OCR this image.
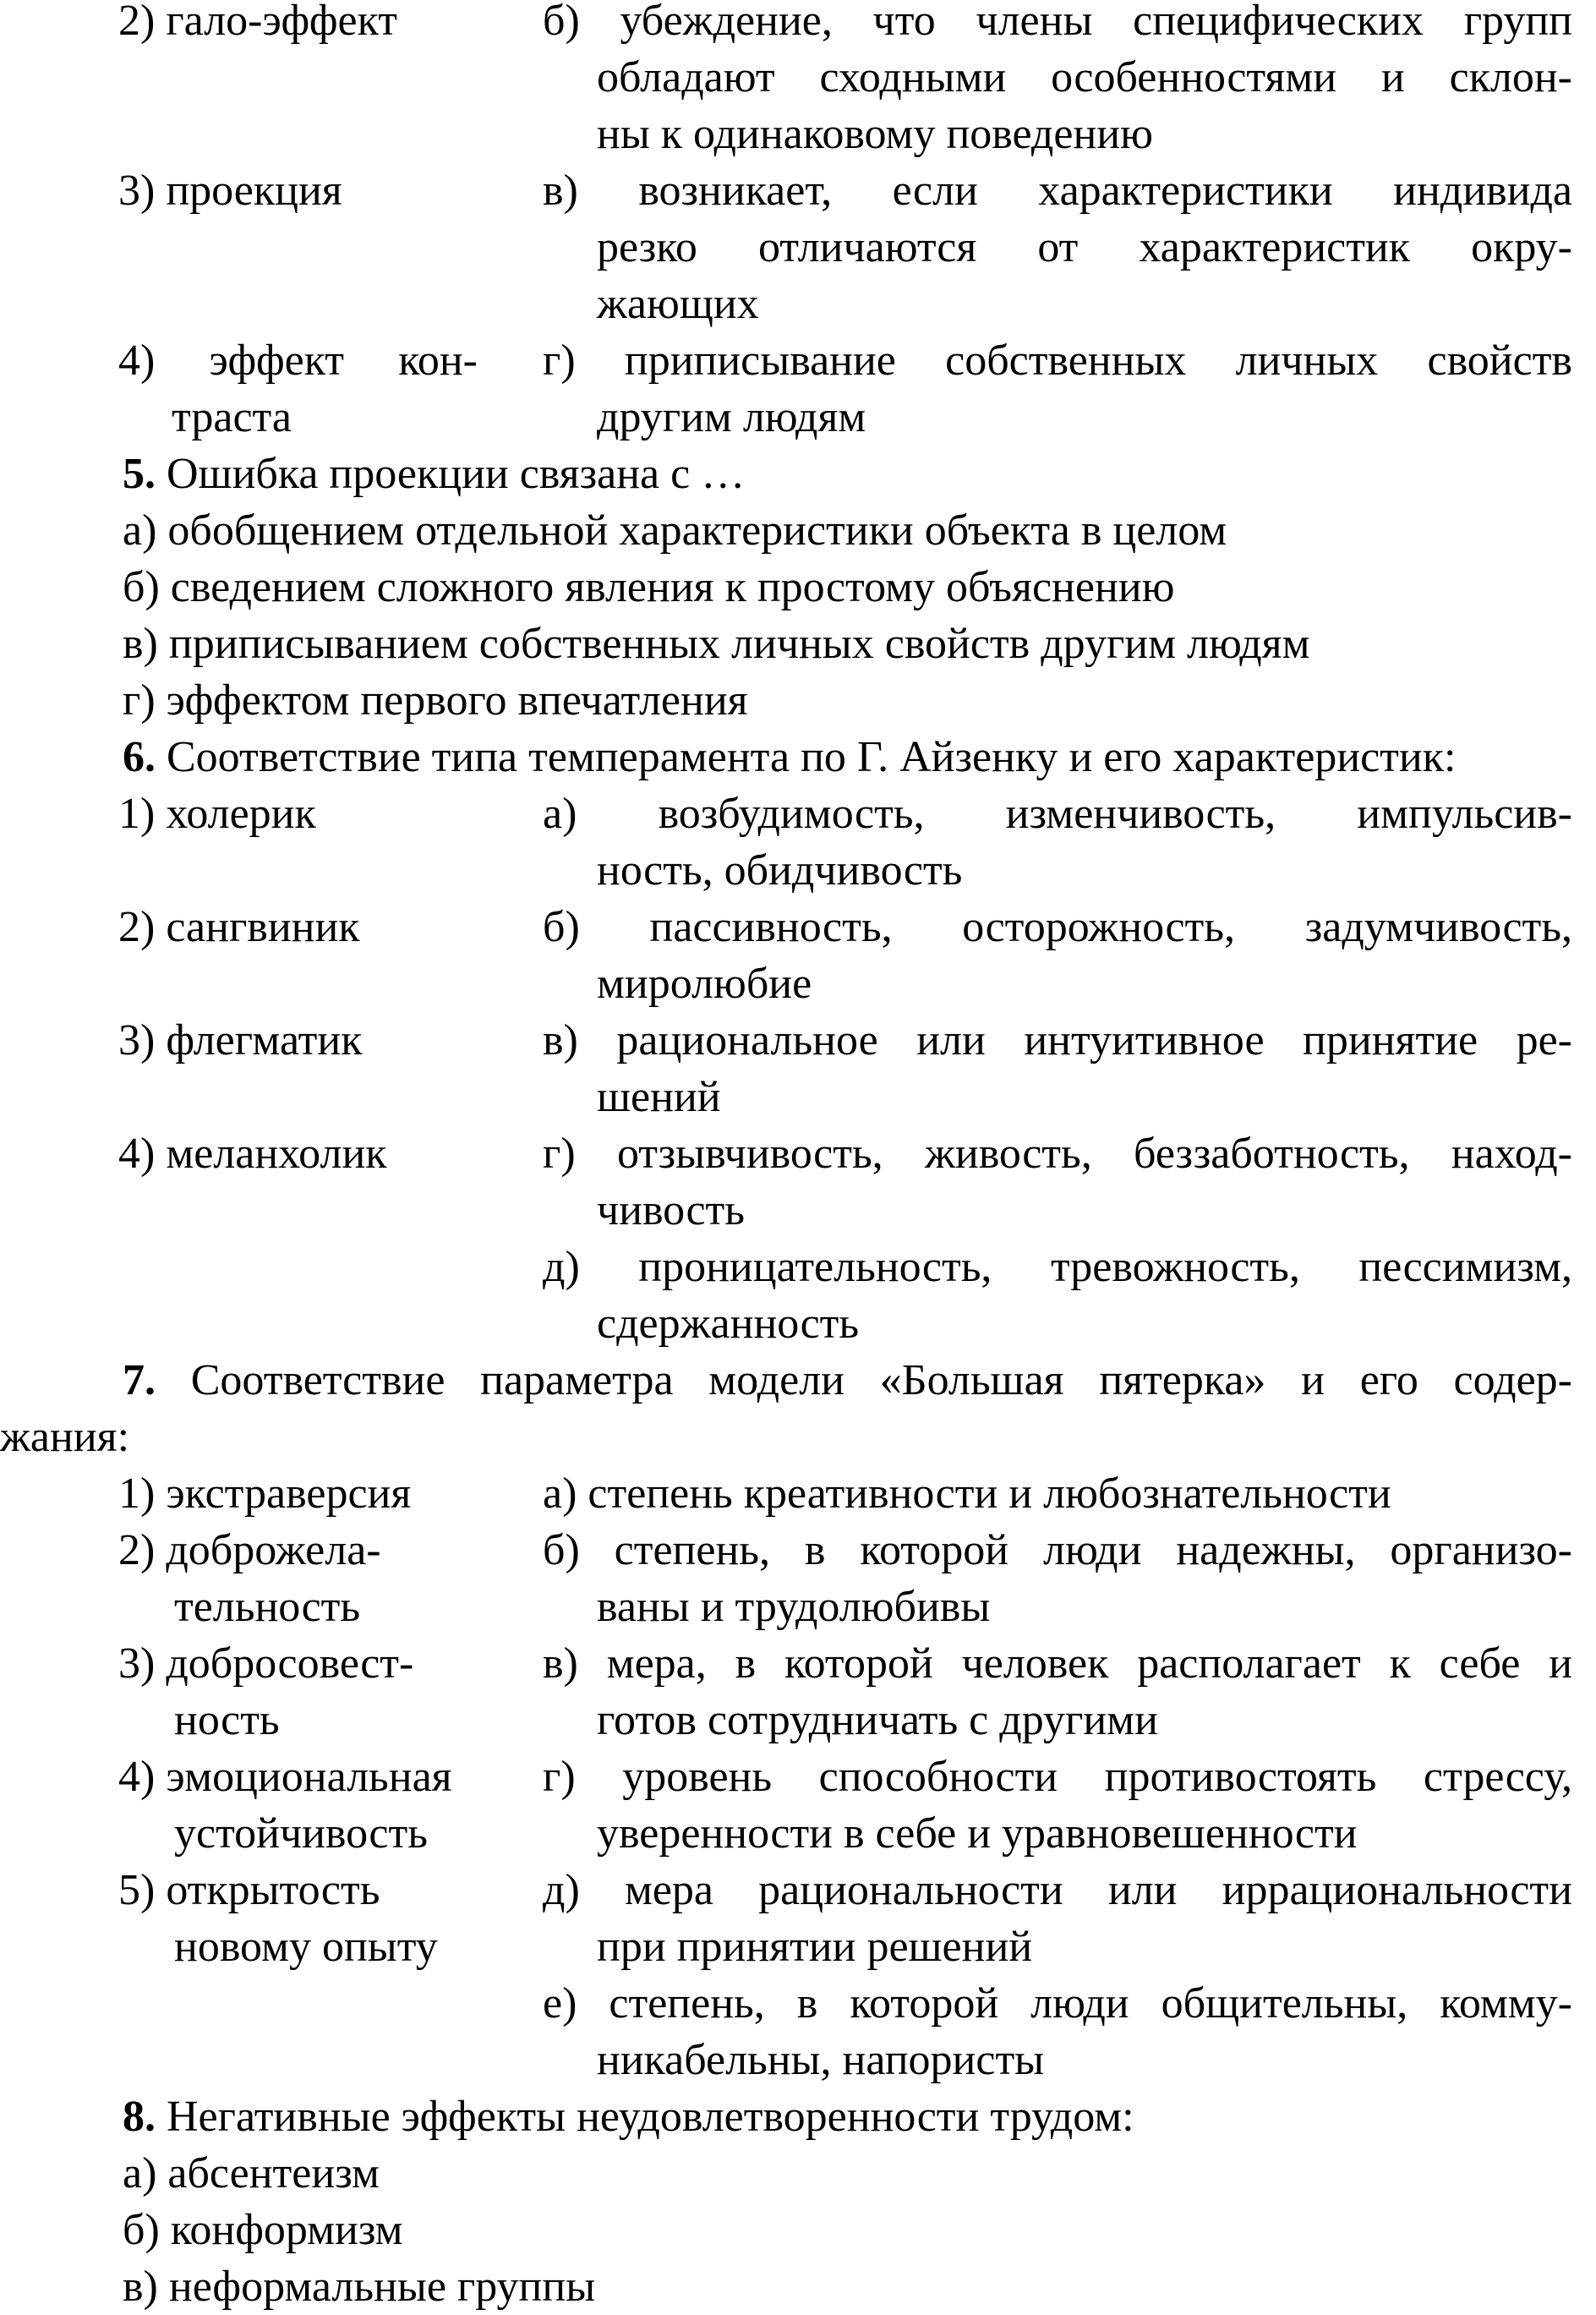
2) гало-эффект	б) убеждение, что члены специфических групп
обладают сходными особенностями и склон-
ны к одинаковому поведению
3) проекция	в) возникает, если характеристики индивида
резко отличаются от характеристик окру-
жающих
4) эффект кон- г) приписывание собственных личных свойств
траста	другим людям
5. Ошибка проекции связана с …
а) обобщением отдельной характеристики объекта в целом
б) сведением сложного явления к простому объяснению
в) приписыванием собственных личных свойств другим людям
г) эффектом первого впечатления
6. Соответствие типа темперамента по Г. Айзенку и его характеристик:
1) холерик	а) возбудимость, изменчивость, импульсив-
ность, обидчивость
2) сангвиник	б) пассивность, осторожность, задумчивость,
миролюбие
3) флегматик	в) рациональное или интуитивное принятие ре-
шений
4) меланхолик	г) отзывчивость, живость, беззаботность, наход-
чивость
д) проницательность, тревожность, пессимизм,
сдержанность
7. Соответствие параметра модели «Большая пятерка» и его содер-
жания:
1) экстраверсия	а) степень креативности и любознательности
2) доброжела-	б) степень, в которой люди надежны, организо-
тельность	ваны и трудолюбивы
3) добросовест-	в) мера, в которой человек располагает к себе и
ность	готов сотрудничать с другими
4) эмоциональная г) уровень способности противостоять стрессу,
устойчивость	уверенности в себе и уравновешенности
5) открытость	д) мера рациональности или иррациональности
новому опыту	при принятии решений
е) степень, в которой люди общительны, комму-
никабельны, напористы
8. Негативные эффекты неудовлетворенности трудом:
а) абсентеизм
б) конформизм
в) неформальные группы
